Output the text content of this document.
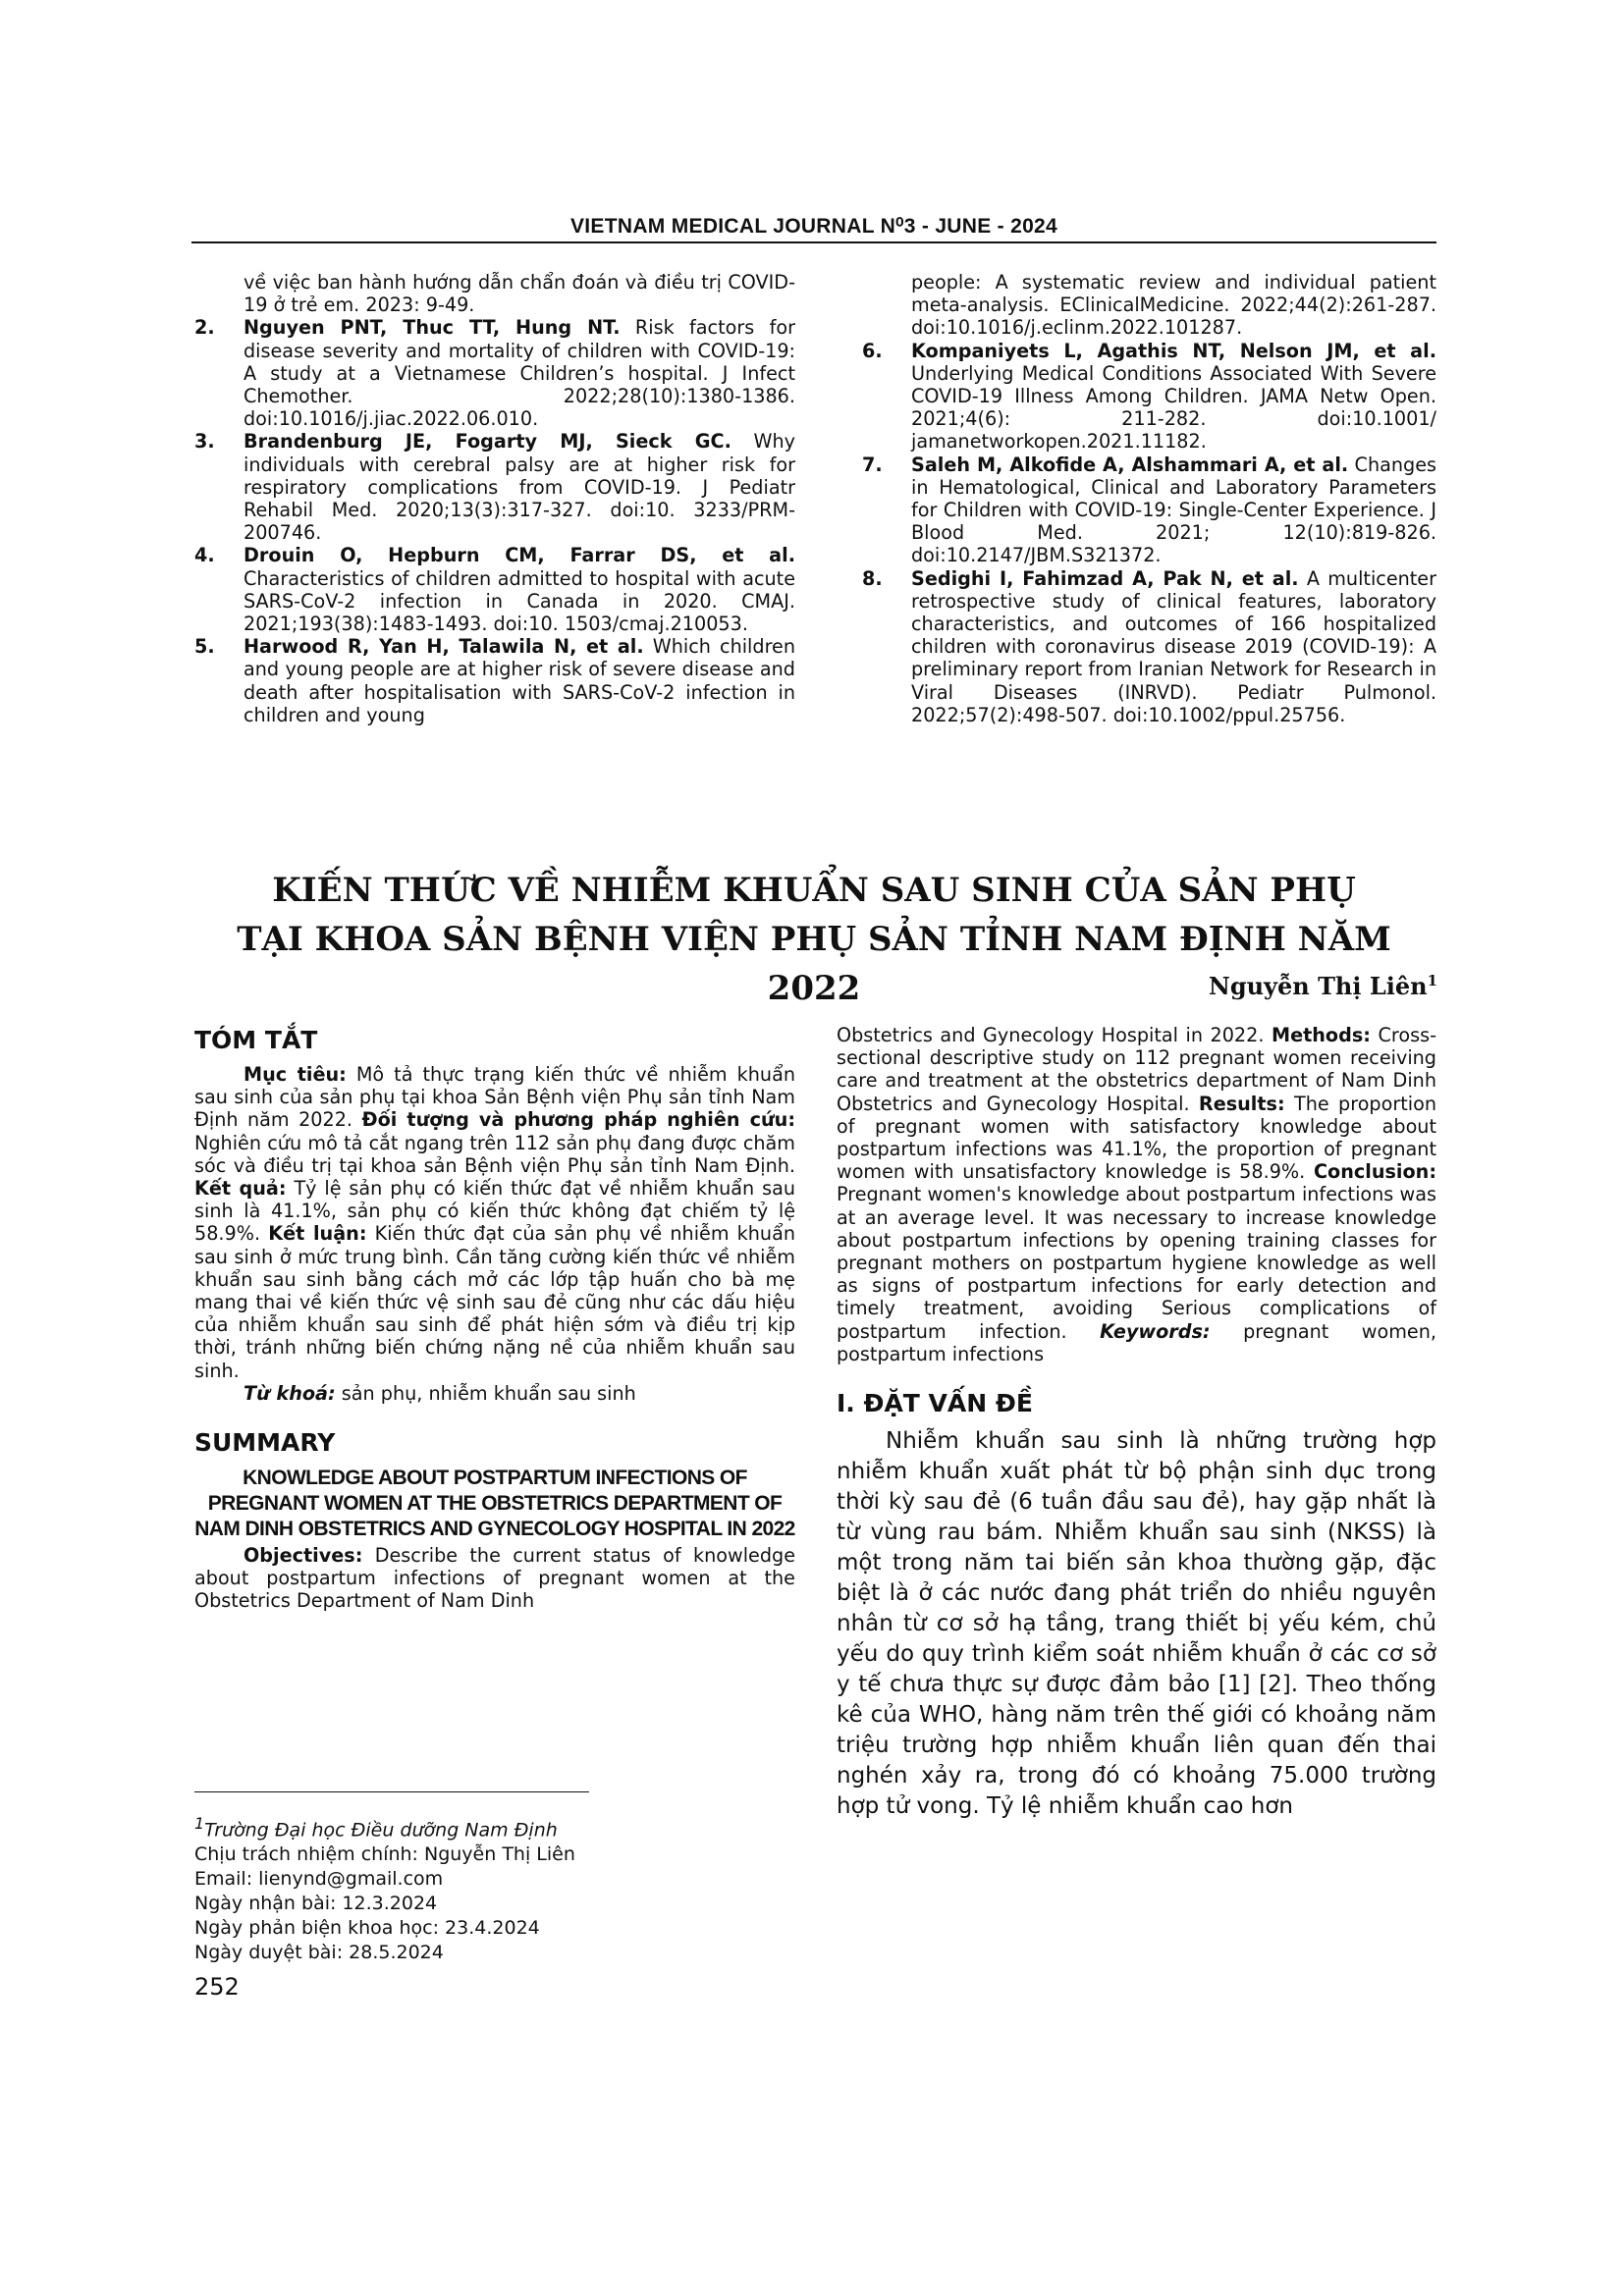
VIETNAM MEDICAL JOURNAL N⁰3 - JUNE - 2024
về việc ban hành hướng dẫn chẩn đoán và điều trị COVID-19 ở trẻ em. 2023: 9-49.
2. Nguyen PNT, Thuc TT, Hung NT. Risk factors for disease severity and mortality of children with COVID-19: A study at a Vietnamese Children’s hospital. J Infect Chemother. 2022;28(10):1380-1386. doi:10.1016/j.jiac.2022.06.010.
3. Brandenburg JE, Fogarty MJ, Sieck GC. Why individuals with cerebral palsy are at higher risk for respiratory complications from COVID-19. J Pediatr Rehabil Med. 2020;13(3):317-327. doi:10. 3233/PRM-200746.
4. Drouin O, Hepburn CM, Farrar DS, et al. Characteristics of children admitted to hospital with acute SARS-CoV-2 infection in Canada in 2020. CMAJ. 2021;193(38):1483-1493. doi:10. 1503/cmaj.210053.
5. Harwood R, Yan H, Talawila N, et al. Which children and young people are at higher risk of severe disease and death after hospitalisation with SARS-CoV-2 infection in children and young
people: A systematic review and individual patient meta-analysis. EClinicalMedicine. 2022;44(2):261-287. doi:10.1016/j.eclinm.2022.101287.
6. Kompaniyets L, Agathis NT, Nelson JM, et al. Underlying Medical Conditions Associated With Severe COVID-19 Illness Among Children. JAMA Netw Open. 2021;4(6): 211-282. doi:10.1001/ jamanetworkopen.2021.11182.
7. Saleh M, Alkofide A, Alshammari A, et al. Changes in Hematological, Clinical and Laboratory Parameters for Children with COVID-19: Single-Center Experience. J Blood Med. 2021; 12(10):819-826. doi:10.2147/JBM.S321372.
8. Sedighi I, Fahimzad A, Pak N, et al. A multicenter retrospective study of clinical features, laboratory characteristics, and outcomes of 166 hospitalized children with coronavirus disease 2019 (COVID-19): A preliminary report from Iranian Network for Research in Viral Diseases (INRVD). Pediatr Pulmonol. 2022;57(2):498-507. doi:10.1002/ppul.25756.
KIẾN THỨC VỀ NHIỄM KHUẨN SAU SINH CỦA SẢN PHỤ
TẠI KHOA SẢN BỆNH VIỆN PHỤ SẢN TỈNH NAM ĐỊNH NĂM 2022	Nguyễn Thị Liên$^1$
TÓM TẮT
Mục tiêu: Mô tả thực trạng kiến thức về nhiễm khuẩn sau sinh của sản phụ tại khoa Sản Bệnh viện Phụ sản tỉnh Nam Định năm 2022. Đối tượng và phương pháp nghiên cứu: Nghiên cứu mô tả cắt ngang trên 112 sản phụ đang được chăm sóc và điều trị tại khoa sản Bệnh viện Phụ sản tỉnh Nam Định. Kết quả: Tỷ lệ sản phụ có kiến thức đạt về nhiễm khuẩn sau sinh là 41.1%, sản phụ có kiến thức không đạt chiếm tỷ lệ 58.9%. Kết luận: Kiến thức đạt của sản phụ về nhiễm khuẩn sau sinh ở mức trung bình. Cần tăng cường kiến thức về nhiễm khuẩn sau sinh bằng cách mở các lớp tập huấn cho bà mẹ mang thai về kiến thức vệ sinh sau đẻ cũng như các dấu hiệu của nhiễm khuẩn sau sinh để phát hiện sớm và điều trị kịp thời, tránh những biến chứng nặng nề của nhiễm khuẩn sau sinh.
Từ khoá: sản phụ, nhiễm khuẩn sau sinh
SUMMARY
KNOWLEDGE ABOUT POSTPARTUM INFECTIONS OF PREGNANT WOMEN AT THE OBSTETRICS DEPARTMENT OF NAM DINH OBSTETRICS AND GYNECOLOGY HOSPITAL IN 2022
Objectives: Describe the current status of knowledge about postpartum infections of pregnant women at the Obstetrics Department of Nam Dinh
Obstetrics and Gynecology Hospital in 2022. Methods: Cross-sectional descriptive study on 112 pregnant women receiving care and treatment at the obstetrics department of Nam Dinh Obstetrics and Gynecology Hospital. Results: The proportion of pregnant women with satisfactory knowledge about postpartum infections was 41.1%, the proportion of pregnant women with unsatisfactory knowledge is 58.9%. Conclusion: Pregnant women's knowledge about postpartum infections was at an average level. It was necessary to increase knowledge about postpartum infections by opening training classes for pregnant mothers on postpartum hygiene knowledge as well as signs of postpartum infections for early detection and timely treatment, avoiding Serious complications of postpartum infection. Keywords: pregnant women, postpartum infections
I. ĐẶT VẤN ĐỀ
Nhiễm khuẩn sau sinh là những trường hợp nhiễm khuẩn xuất phát từ bộ phận sinh dục trong thời kỳ sau đẻ (6 tuần đầu sau đẻ), hay gặp nhất là từ vùng rau bám. Nhiễm khuẩn sau sinh (NKSS) là một trong năm tai biến sản khoa thường gặp, đặc biệt là ở các nước đang phát triển do nhiều nguyên nhân từ cơ sở hạ tầng, trang thiết bị yếu kém, chủ yếu do quy trình kiểm soát nhiễm khuẩn ở các cơ sở y tế chưa thực sự được đảm bảo [1] [2]. Theo thống kê của WHO, hàng năm trên thế giới có khoảng năm triệu trường hợp nhiễm khuẩn liên quan đến thai nghén xảy ra, trong đó có khoảng 75.000 trường hợp tử vong. Tỷ lệ nhiễm khuẩn cao hơn
$^1$Trường Đại học Điều dưỡng Nam Định
Chịu trách nhiệm chính: Nguyễn Thị Liên
Email: lienynd@gmail.com
Ngày nhận bài: 12.3.2024
Ngày phản biện khoa học: 23.4.2024
Ngày duyệt bài: 28.5.2024
252
